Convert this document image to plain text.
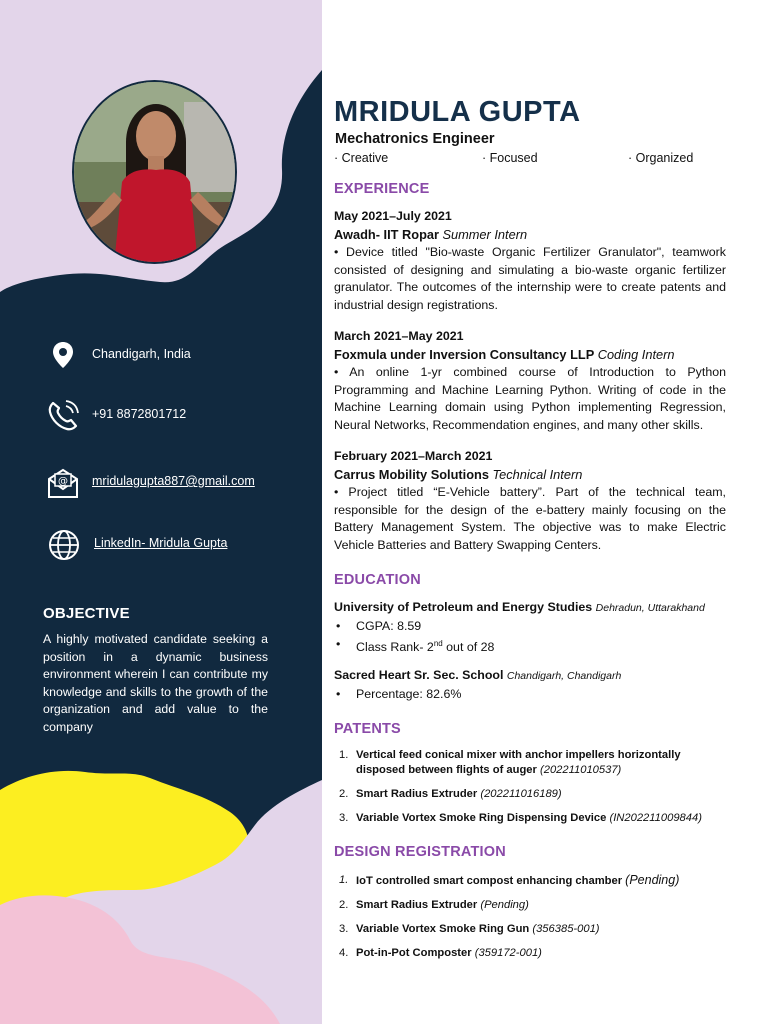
Chandigarh, India
+91 8872801712
@ mridulagupta887@gmail.com
LinkedIn- Mridula Gupta
OBJECTIVE
A highly motivated candidate seeking a position in a dynamic business environment wherein I can contribute my knowledge and skills to the growth of the organization and add value to the company
MRIDULA GUPTA
Mechatronics Engineer
· Creative	· Focused	· Organized
EXPERIENCE
May 2021–July 2021
Awadh- IIT Ropar Summer Intern
• Device titled "Bio-waste Organic Fertilizer Granulator", teamwork consisted of designing and simulating a bio-waste organic fertilizer granulator. The outcomes of the internship were to create patents and industrial design registrations.
March 2021–May 2021
Foxmula under Inversion Consultancy LLP Coding Intern
• An online 1-yr combined course of Introduction to Python Programming and Machine Learning Python. Writing of code in the Machine Learning domain using Python implementing Regression, Neural Networks, Recommendation engines, and many other skills.
February 2021–March 2021
Carrus Mobility Solutions Technical Intern
• Project titled “E-Vehicle battery”. Part of the technical team, responsible for the design of the e-battery mainly focusing on the Battery Management System. The objective was to make Electric Vehicle Batteries and Battery Swapping Centers.
EDUCATION
University of Petroleum and Energy Studies Dehradun, Uttarakhand
• CGPA: 8.59
• Class Rank- 2nd out of 28
Sacred Heart Sr. Sec. School Chandigarh, Chandigarh
• Percentage: 82.6%
PATENTS
1. Vertical feed conical mixer with anchor impellers horizontally disposed between flights of auger (202211010537)
2. Smart Radius Extruder (202211016189)
3. Variable Vortex Smoke Ring Dispensing Device (IN202211009844)
DESIGN REGISTRATION
1. IoT controlled smart compost enhancing chamber (Pending)
2. Smart Radius Extruder (Pending)
3. Variable Vortex Smoke Ring Gun (356385-001)
4. Pot-in-Pot Composter (359172-001)
